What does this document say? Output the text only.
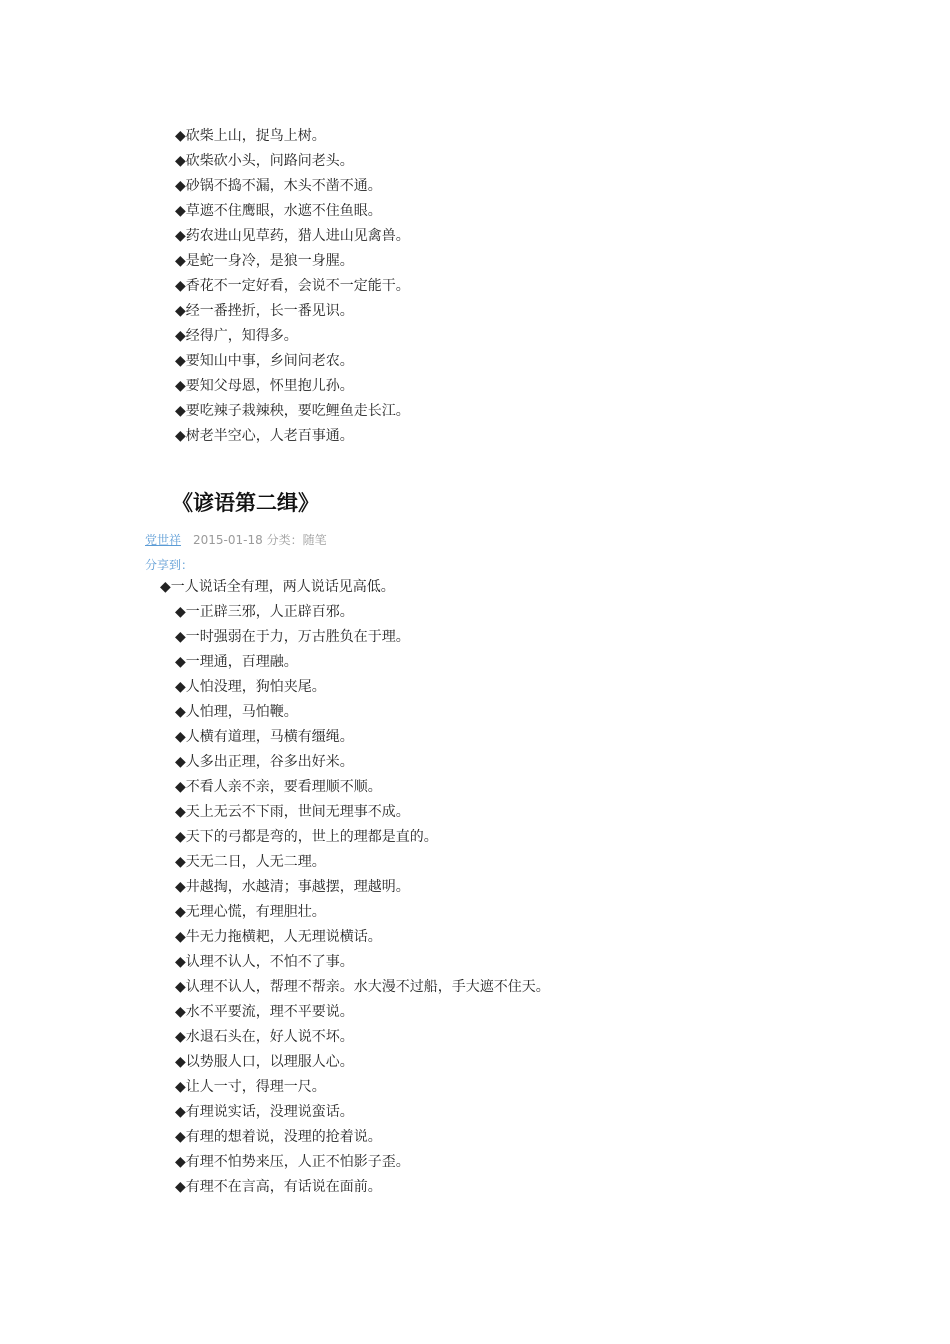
◆砍柴上山，捉鸟上树。
◆砍柴砍小头，问路问老头。
◆砂锅不捣不漏，木头不凿不通。
◆草遮不住鹰眼，水遮不住鱼眼。
◆药农进山见草药，猎人进山见禽兽。
◆是蛇一身冷，是狼一身腥。
◆香花不一定好看，会说不一定能干。
◆经一番挫折，长一番见识。
◆经得广，知得多。
◆要知山中事，乡间问老农。
◆要知父母恩，怀里抱儿孙。
◆要吃辣子栽辣秧，要吃鲤鱼走长江。
◆树老半空心，人老百事通。
《谚语第二缉》
党世祥 2015-01-18 分类：随笔
分享到：
◆一人说话全有理，两人说话见高低。
◆一正辟三邪，人正辟百邪。
◆一时强弱在于力，万古胜负在于理。
◆一理通，百理融。
◆人怕没理，狗怕夹尾。
◆人怕理，马怕鞭。
◆人横有道理，马横有缰绳。
◆人多出正理，谷多出好米。
◆不看人亲不亲，要看理顺不顺。
◆天上无云不下雨，世间无理事不成。
◆天下的弓都是弯的，世上的理都是直的。
◆天无二日，人无二理。
◆井越掏，水越清；事越摆，理越明。
◆无理心慌，有理胆壮。
◆牛无力拖横耙，人无理说横话。
◆认理不认人，不怕不了事。
◆认理不认人，帮理不帮亲。水大漫不过船，手大遮不住天。
◆水不平要流，理不平要说。
◆水退石头在，好人说不坏。
◆以势服人口，以理服人心。
◆让人一寸，得理一尺。
◆有理说实话，没理说蛮话。
◆有理的想着说，没理的抢着说。
◆有理不怕势来压，人正不怕影子歪。
◆有理不在言高，有话说在面前。
